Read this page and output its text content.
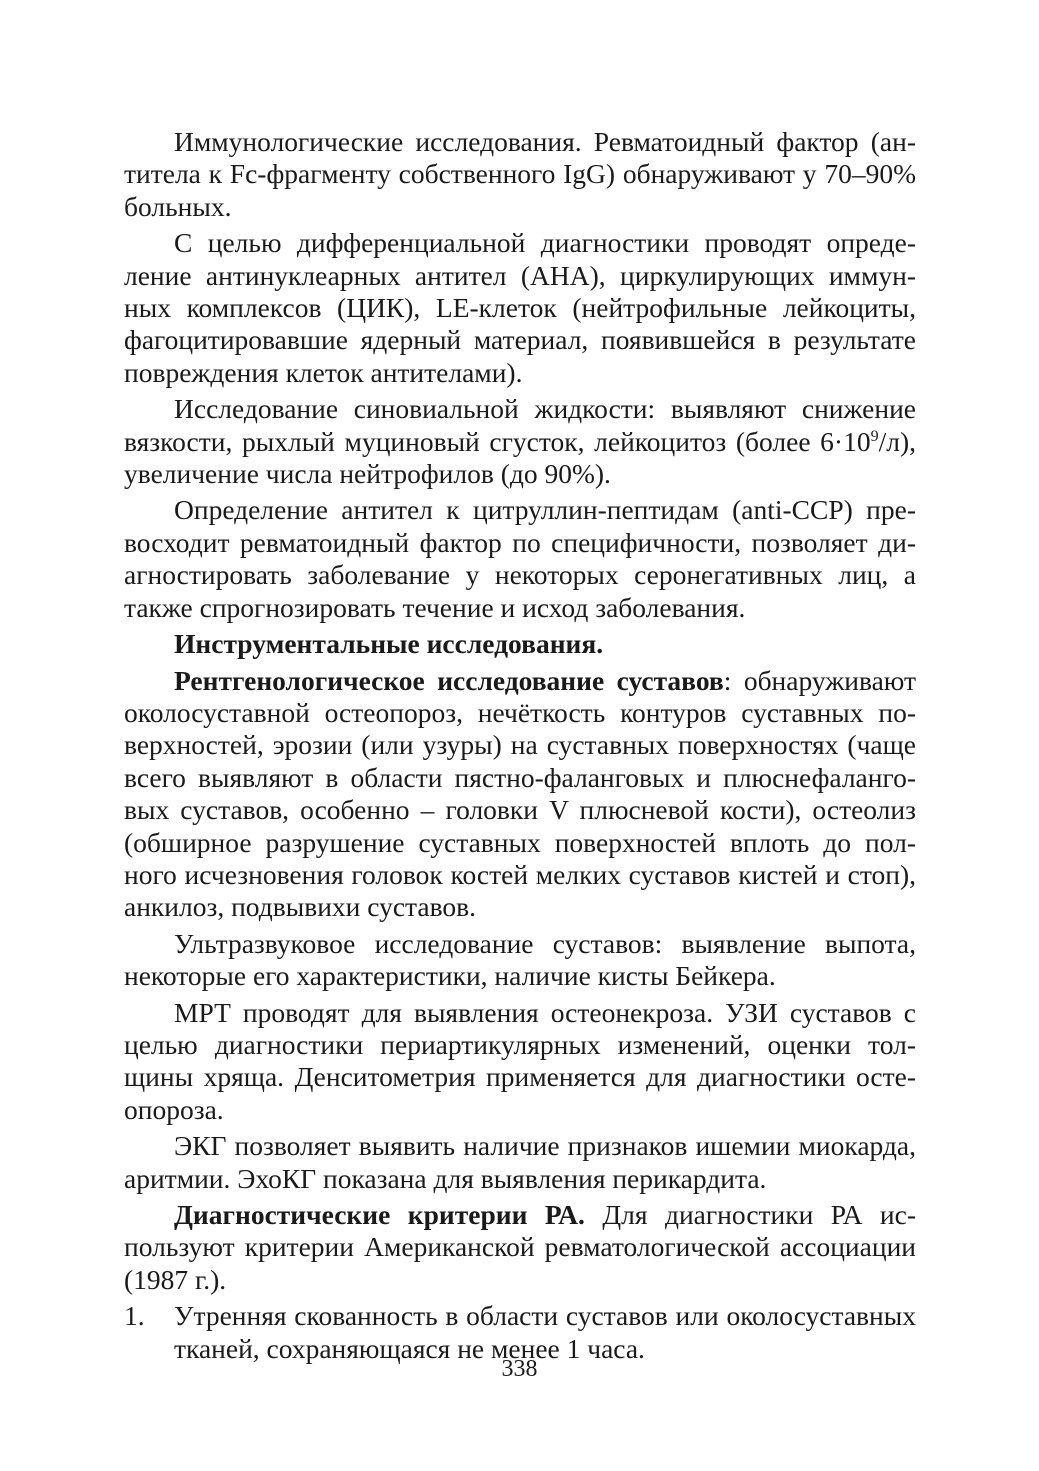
Иммунологические исследования. Ревматоидный фактор (антитела к Fc-фрагменту собственного IgG) обнаруживают у 70–90% больных.

С целью дифференциальной диагностики проводят определение антинуклеарных антител (АНА), циркулирующих иммунных комплексов (ЦИК), LE-клеток (нейтрофильные лейкоциты, фагоцитировавшие ядерный материал, появившейся в результате повреждения клеток антителами).

Исследование синовиальной жидкости: выявляют снижение вязкости, рыхлый муциновый сгусток, лейкоцитоз (более $6\cdot 10^9/л$), увеличение числа нейтрофилов (до 90%).

Определение антител к цитруллин-пептидам (anti-CCP) превосходит ревматоидный фактор по специфичности, позволяет диагностировать заболевание у некоторых серонегативных лиц, а также спрогнозировать течение и исход заболевания.

Инструментальные исследования.

Рентгенологическое исследование суставов: обнаруживают околосуставной остеопороз, нечёткость контуров суставных поверхностей, эрозии (или узуры) на суставных поверхностях (чаще всего выявляют в области пястно-фаланговых и плюснефаланговых суставов, особенно – головки V плюсневой кости), остеолиз (обширное разрушение суставных поверхностей вплоть до полного исчезновения головок костей мелких суставов кистей и стоп), анкилоз, подвывихи суставов.

Ультразвуковое исследование суставов: выявление выпота, некоторые его характеристики, наличие кисты Бейкера.

МРТ проводят для выявления остеонекроза. УЗИ суставов с целью диагностики периартикулярных изменений, оценки толщины хряща. Денситометрия применяется для диагностики остеопороза.

ЭКГ позволяет выявить наличие признаков ишемии миокарда, аритмии. ЭхоКГ показана для выявления перикардита.

Диагностические критерии РА. Для диагностики РА используют критерии Американской ревматологической ассоциации (1987 г.).

1. Утренняя скованность в области суставов или околосуставных тканей, сохраняющаяся не менее 1 часа.
338
